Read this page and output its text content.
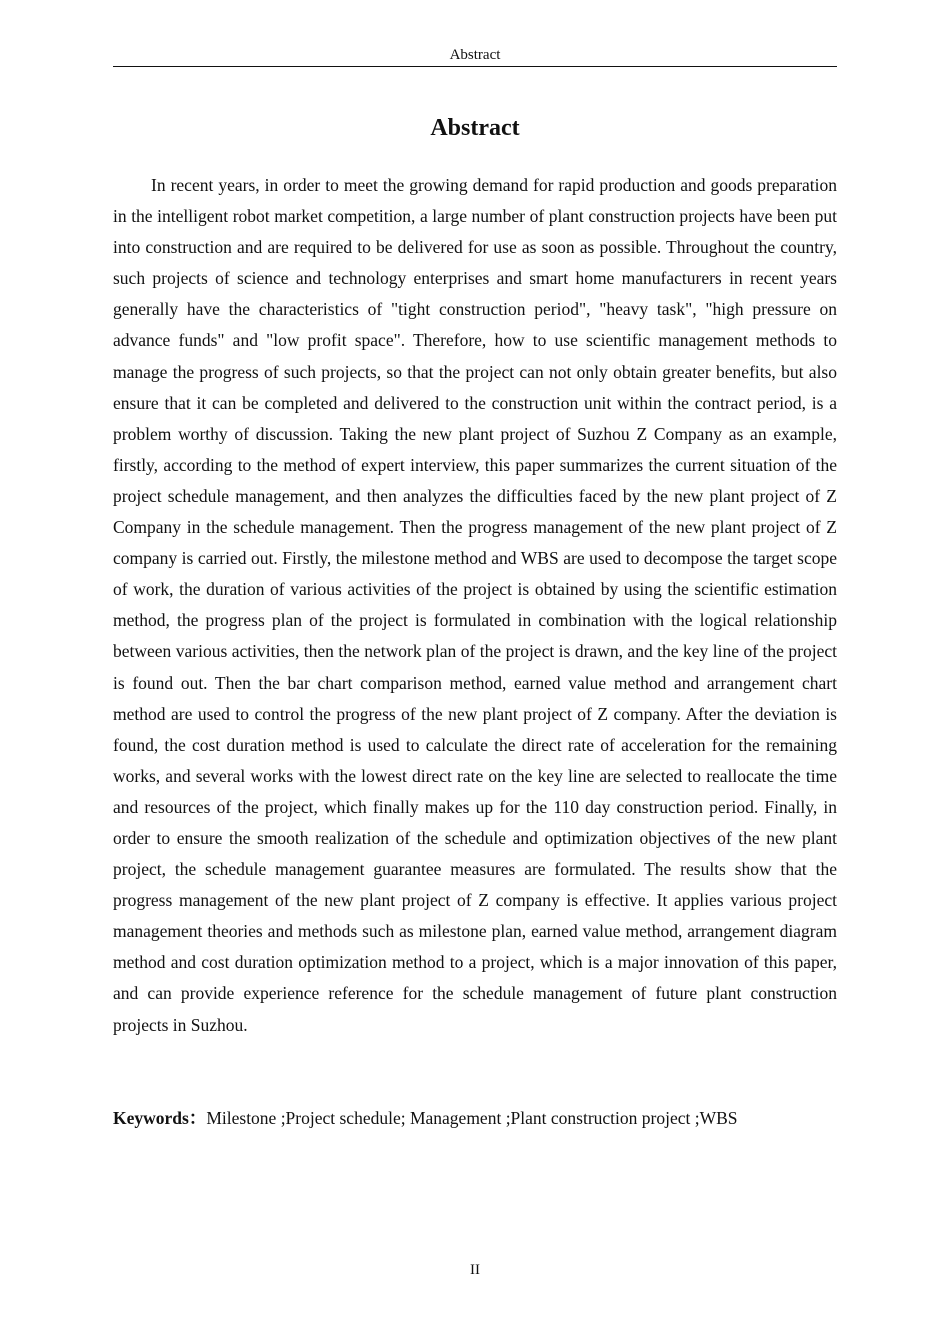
Abstract
Abstract

In recent years, in order to meet the growing demand for rapid production and goods preparation in the intelligent robot market competition, a large number of plant construction projects have been put into construction and are required to be delivered for use as soon as possible. Throughout the country, such projects of science and technology enterprises and smart home manufacturers in recent years generally have the characteristics of "tight construction period", "heavy task", "high pressure on advance funds" and "low profit space". Therefore, how to use scientific management methods to manage the progress of such projects, so that the project can not only obtain greater benefits, but also ensure that it can be completed and delivered to the construction unit within the contract period, is a problem worthy of discussion. Taking the new plant project of Suzhou Z Company as an example, firstly, according to the method of expert interview, this paper summarizes the current situation of the project schedule management, and then analyzes the difficulties faced by the new plant project of Z Company in the schedule management. Then the progress management of the new plant project of Z company is carried out. Firstly, the milestone method and WBS are used to decompose the target scope of work, the duration of various activities of the project is obtained by using the scientific estimation method, the progress plan of the project is formulated in combination with the logical relationship between various activities, then the network plan of the project is drawn, and the key line of the project is found out. Then the bar chart comparison method, earned value method and arrangement chart method are used to control the progress of the new plant project of Z company. After the deviation is found, the cost duration method is used to calculate the direct rate of acceleration for the remaining works, and several works with the lowest direct rate on the key line are selected to reallocate the time and resources of the project, which finally makes up for the 110 day construction period. Finally, in order to ensure the smooth realization of the schedule and optimization objectives of the new plant project, the schedule management guarantee measures are formulated. The results show that the progress management of the new plant project of Z company is effective. It applies various project management theories and methods such as milestone plan, earned value method, arrangement diagram method and cost duration optimization method to a project, which is a major innovation of this paper, and can provide experience reference for the schedule management of future plant construction projects in Suzhou.

Keywords：Milestone ;Project schedule; Management ;Plant construction project ;WBS

II
